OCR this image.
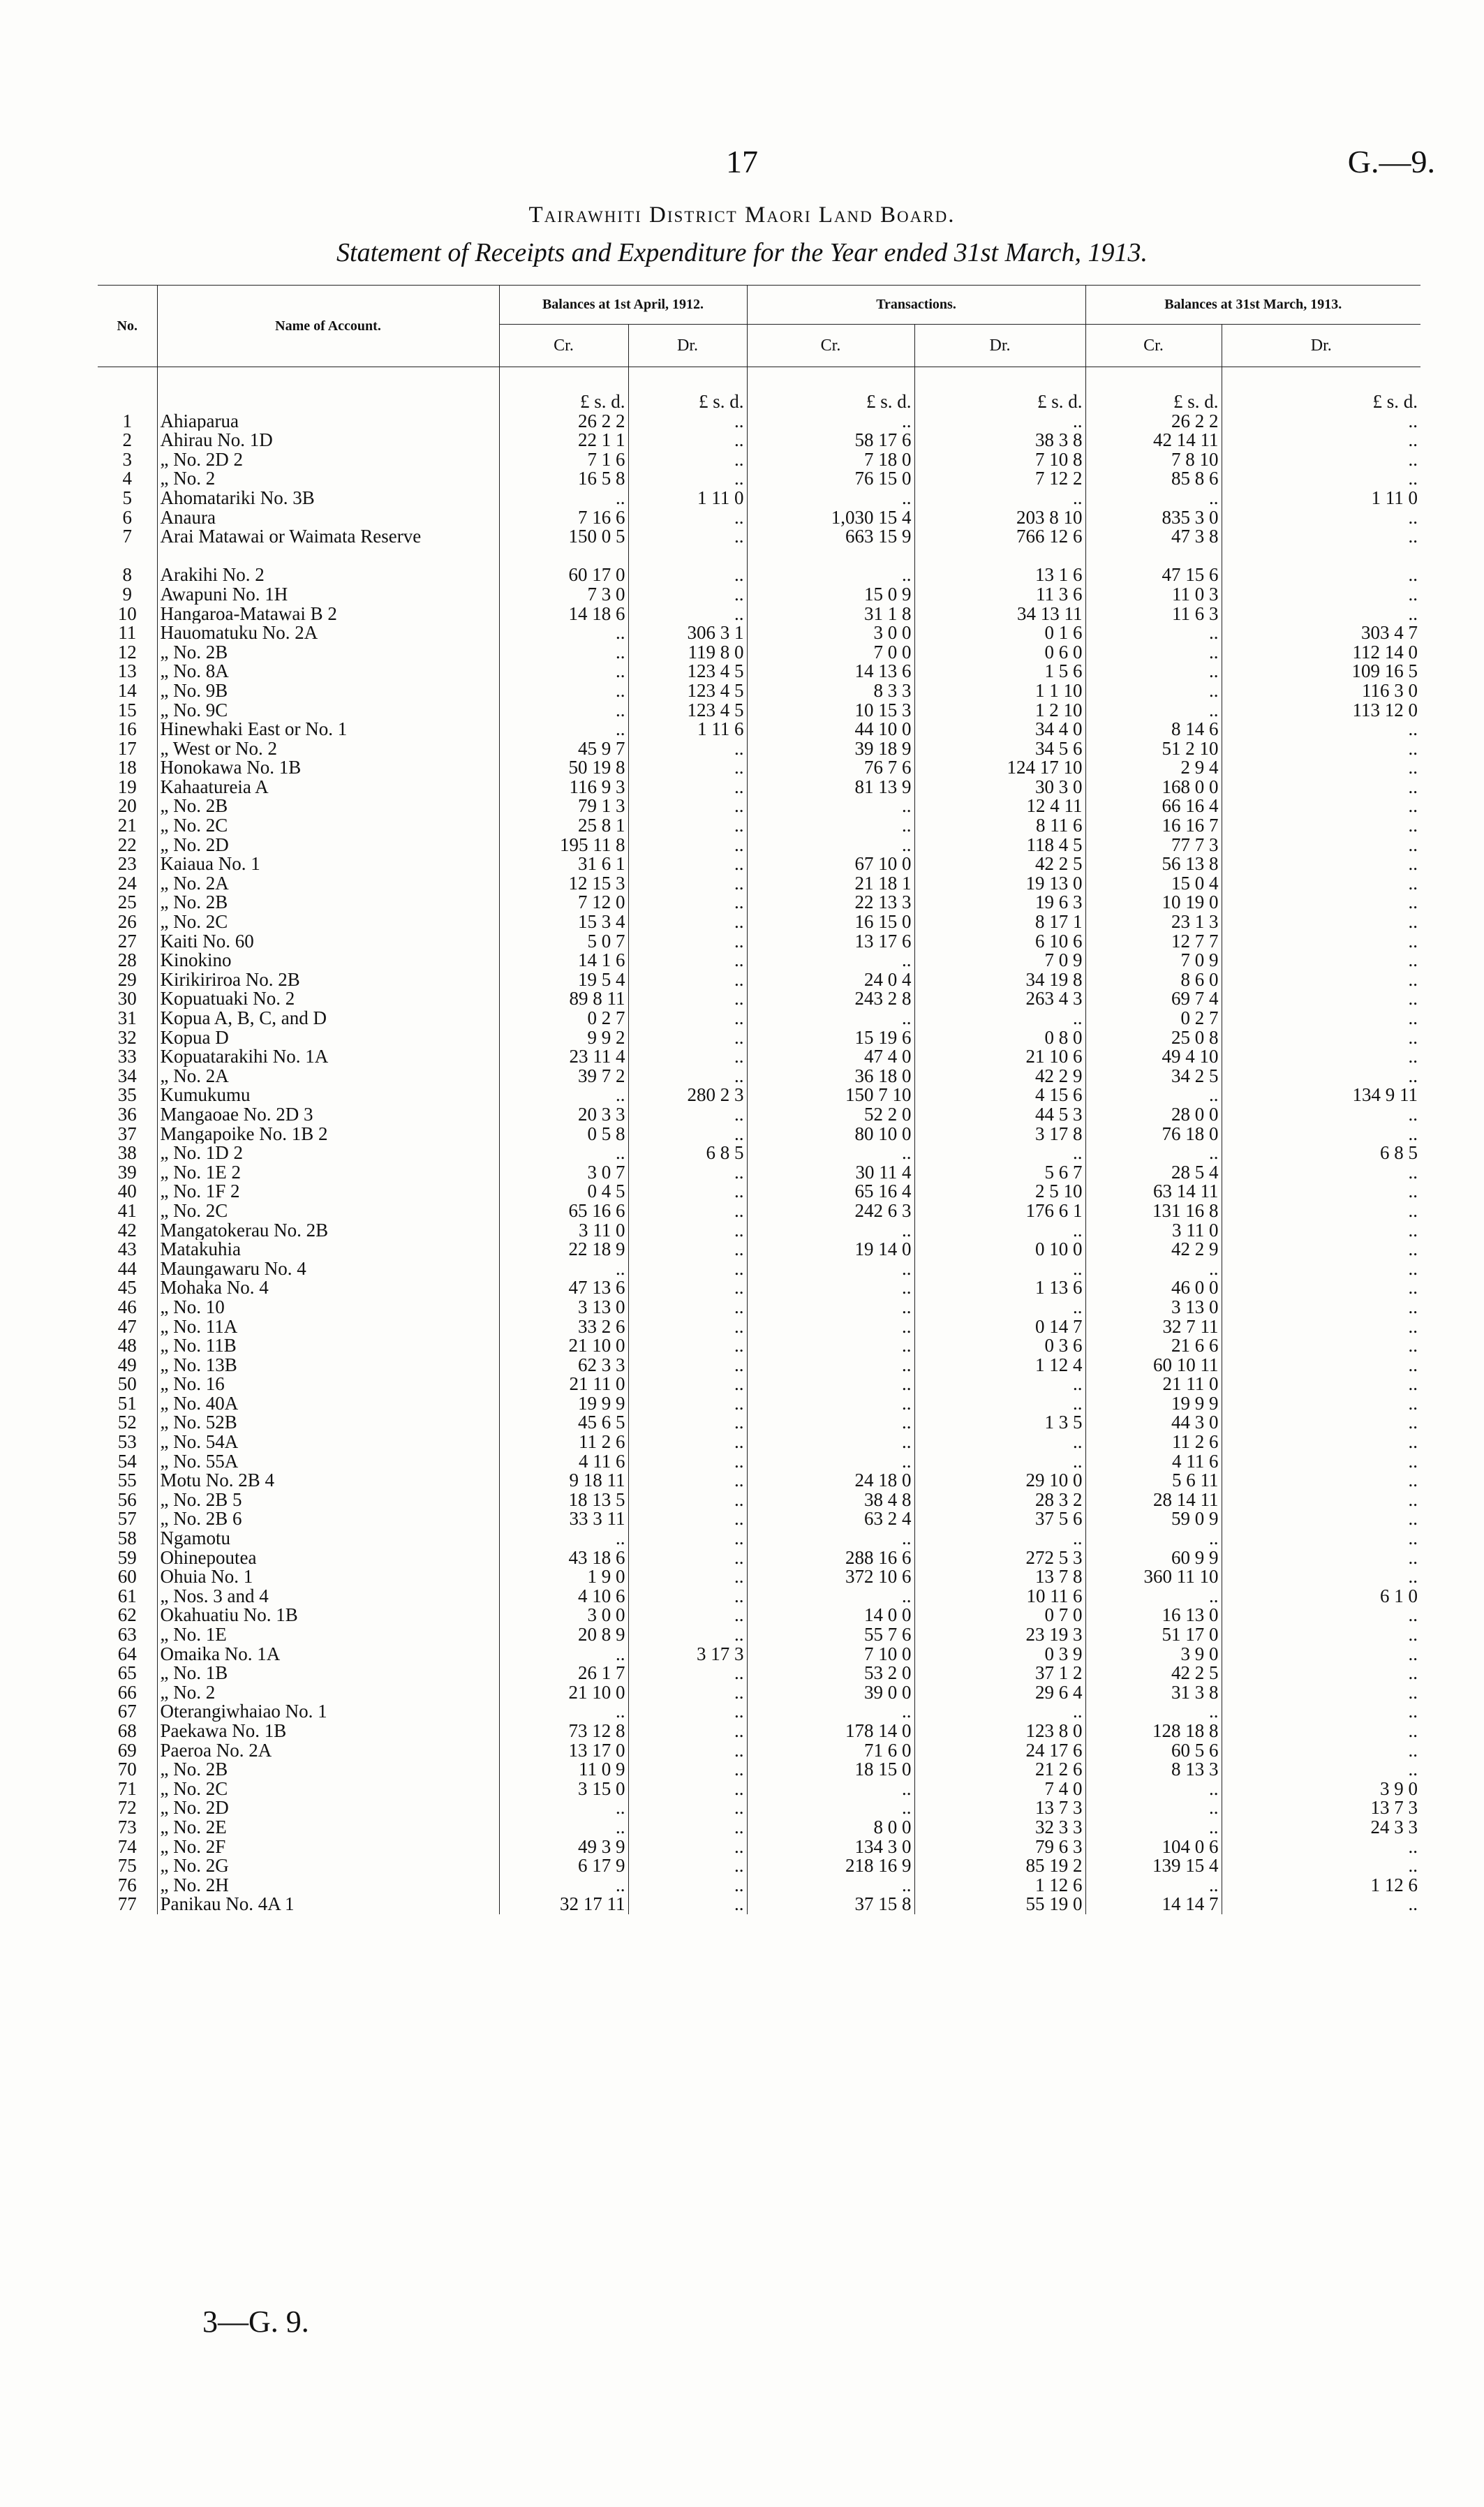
17	G.—9.
Tairawhiti District Maori Land Board.
Statement of Receipts and Expenditure for the Year ended 31st March, 1913.
No.	Name of Account.	Balances at 1st April, 1912.		Transactions.		Balances at 31st March, 1913.	
		Cr.	Dr.	Cr.	Dr.	Cr.	Dr.

		£ s. d.	£ s. d.	£ s. d.	£ s. d.	£ s. d.	£ s. d.
1	Ahiaparua	26 2 2	..	..	..	26 2 2	..
2	Ahirau No. 1D	22 1 1	..	58 17 6	38 3 8	42 14 11	..
3	„ No. 2D 2	7 1 6	..	7 18 0	7 10 8	7 8 10	..
4	„ No. 2	16 5 8	..	76 15 0	7 12 2	85 8 6	..
5	Ahomatariki No. 3B	..	1 11 0	..	..	..	1 11 0
6	Anaura	7 16 6	..	1,030 15 4	203 8 10	835 3 0	..
7	Arai Matawai or Waimata Reserve	150 0 5	..	663 15 9	766 12 6	47 3 8	..

8	Arakihi No. 2	60 17 0	..	..	13 1 6	47 15 6	..
9	Awapuni No. 1H	7 3 0	..	15 0 9	11 3 6	11 0 3	..
10	Hangaroa-Matawai B 2	14 18 6	..	31 1 8	34 13 11	11 6 3	..
11	Hauomatuku No. 2A	..	306 3 1	3 0 0	0 1 6	..	303 4 7
12	„ No. 2B	..	119 8 0	7 0 0	0 6 0	..	112 14 0
13	„ No. 8A	..	123 4 5	14 13 6	1 5 6	..	109 16 5
14	„ No. 9B	..	123 4 5	8 3 3	1 1 10	..	116 3 0
15	„ No. 9C	..	123 4 5	10 15 3	1 2 10	..	113 12 0
16	Hinewhaki East or No. 1	..	1 11 6	44 10 0	34 4 0	8 14 6	..
17	„ West or No. 2	45 9 7	..	39 18 9	34 5 6	51 2 10	..
18	Honokawa No. 1B	50 19 8	..	76 7 6	124 17 10	2 9 4	..
19	Kahaatureia A	116 9 3	..	81 13 9	30 3 0	168 0 0	..
20	„ No. 2B	79 1 3	..	..	12 4 11	66 16 4	..
21	„ No. 2C	25 8 1	..	..	8 11 6	16 16 7	..
22	„ No. 2D	195 11 8	..	..	118 4 5	77 7 3	..
23	Kaiaua No. 1	31 6 1	..	67 10 0	42 2 5	56 13 8	..
24	„ No. 2A	12 15 3	..	21 18 1	19 13 0	15 0 4	..
25	„ No. 2B	7 12 0	..	22 13 3	19 6 3	10 19 0	..
26	„ No. 2C	15 3 4	..	16 15 0	8 17 1	23 1 3	..
27	Kaiti No. 60	5 0 7	..	13 17 6	6 10 6	12 7 7	..
28	Kinokino	14 1 6	..	..	7 0 9	7 0 9	..
29	Kirikiriroa No. 2B	19 5 4	..	24 0 4	34 19 8	8 6 0	..
30	Kopuatuaki No. 2	89 8 11	..	243 2 8	263 4 3	69 7 4	..
31	Kopua A, B, C, and D	0 2 7	..	..	..	0 2 7	..
32	Kopua D	9 9 2	..	15 19 6	0 8 0	25 0 8	..
33	Kopuatarakihi No. 1A	23 11 4	..	47 4 0	21 10 6	49 4 10	..
34	„ No. 2A	39 7 2	..	36 18 0	42 2 9	34 2 5	..
35	Kumukumu	..	280 2 3	150 7 10	4 15 6	..	134 9 11
36	Mangaoae No. 2D 3	20 3 3	..	52 2 0	44 5 3	28 0 0	..
37	Mangapoike No. 1B 2	0 5 8	..	80 10 0	3 17 8	76 18 0	..
38	„ No. 1D 2	..	6 8 5	..	..	..	6 8 5
39	„ No. 1E 2	3 0 7	..	30 11 4	5 6 7	28 5 4	..
40	„ No. 1F 2	0 4 5	..	65 16 4	2 5 10	63 14 11	..
41	„ No. 2C	65 16 6	..	242 6 3	176 6 1	131 16 8	..
42	Mangatokerau No. 2B	3 11 0	..	..	..	3 11 0	..
43	Matakuhia	22 18 9	..	19 14 0	0 10 0	42 2 9	..
44	Maungawaru No. 4	..	..	..	..	..	..
45	Mohaka No. 4	47 13 6	..	..	1 13 6	46 0 0	..
46	„ No. 10	3 13 0	..	..	..	3 13 0	..
47	„ No. 11A	33 2 6	..	..	0 14 7	32 7 11	..
48	„ No. 11B	21 10 0	..	..	0 3 6	21 6 6	..
49	„ No. 13B	62 3 3	..	..	1 12 4	60 10 11	..
50	„ No. 16	21 11 0	..	..	..	21 11 0	..
51	„ No. 40A	19 9 9	..	..	..	19 9 9	..
52	„ No. 52B	45 6 5	..	..	1 3 5	44 3 0	..
53	„ No. 54A	11 2 6	..	..	..	11 2 6	..
54	„ No. 55A	4 11 6	..	..	..	4 11 6	..
55	Motu No. 2B 4	9 18 11	..	24 18 0	29 10 0	5 6 11	..
56	„ No. 2B 5	18 13 5	..	38 4 8	28 3 2	28 14 11	..
57	„ No. 2B 6	33 3 11	..	63 2 4	37 5 6	59 0 9	..
58	Ngamotu	..	..	..	..	..	..
59	Ohinepoutea	43 18 6	..	288 16 6	272 5 3	60 9 9	..
60	Ohuia No. 1	1 9 0	..	372 10 6	13 7 8	360 11 10	..
61	„ Nos. 3 and 4	4 10 6	..	..	10 11 6	..	6 1 0
62	Okahuatiu No. 1B	3 0 0	..	14 0 0	0 7 0	16 13 0	..
63	„ No. 1E	20 8 9	..	55 7 6	23 19 3	51 17 0	..
64	Omaika No. 1A	..	3 17 3	7 10 0	0 3 9	3 9 0	..
65	„ No. 1B	26 1 7	..	53 2 0	37 1 2	42 2 5	..
66	„ No. 2	21 10 0	..	39 0 0	29 6 4	31 3 8	..
67	Oterangiwhaiao No. 1	..	..	..	..	..	..
68	Paekawa No. 1B	73 12 8	..	178 14 0	123 8 0	128 18 8	..
69	Paeroa No. 2A	13 17 0	..	71 6 0	24 17 6	60 5 6	..
70	„ No. 2B	11 0 9	..	18 15 0	21 2 6	8 13 3	..
71	„ No. 2C	3 15 0	..	..	7 4 0	..	3 9 0
72	„ No. 2D	..	..	..	13 7 3	..	13 7 3
73	„ No. 2E	..	..	8 0 0	32 3 3	..	24 3 3
74	„ No. 2F	49 3 9	..	134 3 0	79 6 3	104 0 6	..
75	„ No. 2G	6 17 9	..	218 16 9	85 19 2	139 15 4	..
76	„ No. 2H	..	..	..	1 12 6	..	1 12 6
77	Panikau No. 4A 1	32 17 11	..	37 15 8	55 19 0	14 14 7	..
3—G. 9.
